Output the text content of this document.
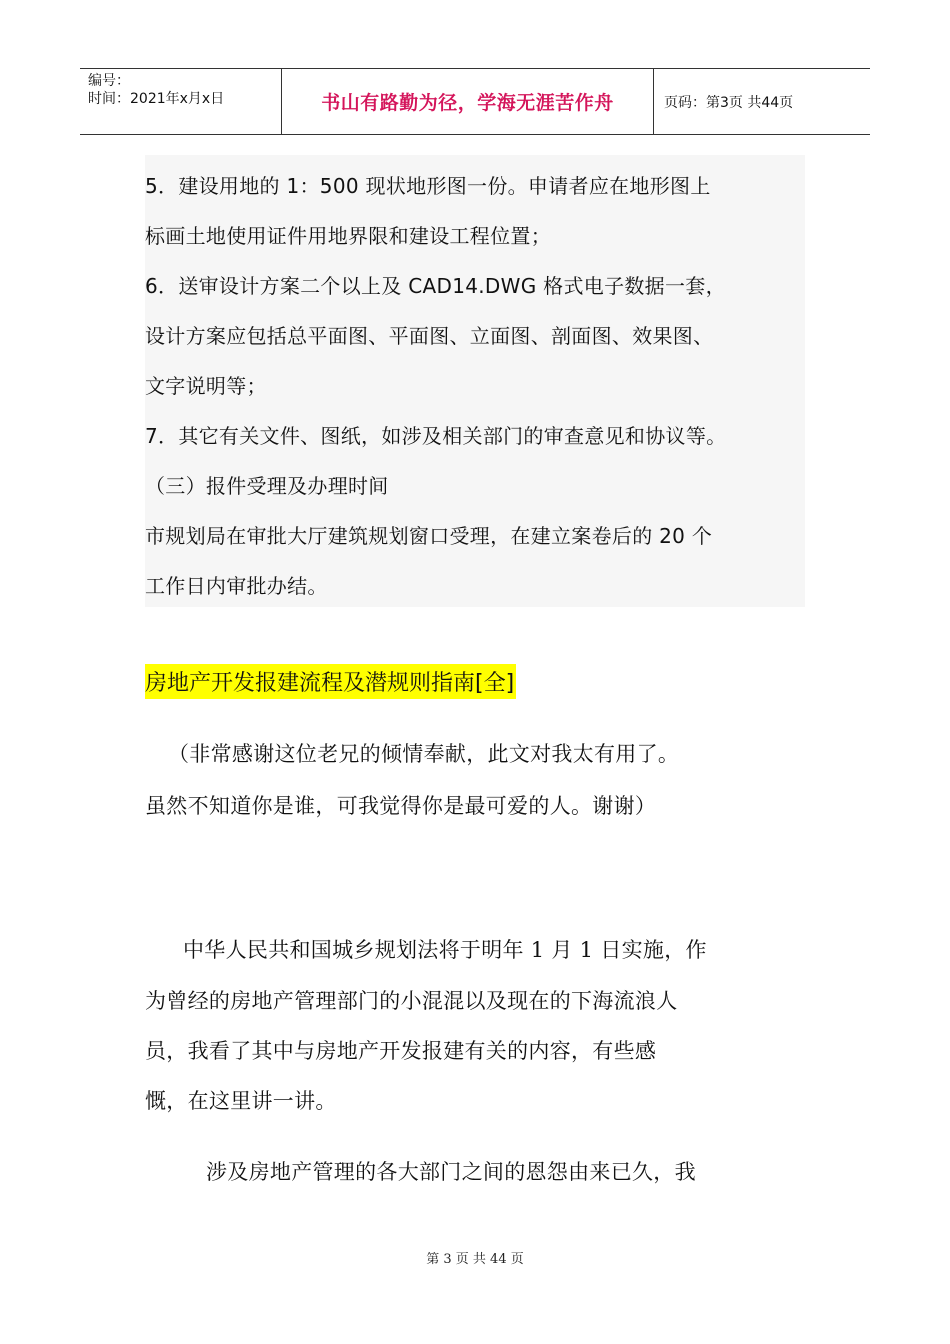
编号：
时间：2021年x月x日	书山有路勤为径，学海无涯苦作舟	页码：第3页 共44页
5．建设用地的 1：500 现状地形图一份。申请者应在地形图上
标画土地使用证件用地界限和建设工程位置；
6．送审设计方案二个以上及 CAD14.DWG 格式电子数据一套，
设计方案应包括总平面图、平面图、立面图、剖面图、效果图、
文字说明等；
7．其它有关文件、图纸，如涉及相关部门的审查意见和协议等。
（三）报件受理及办理时间
市规划局在审批大厅建筑规划窗口受理，在建立案卷后的 20 个
工作日内审批办结。
房地产开发报建流程及潜规则指南[全]
（非常感谢这位老兄的倾情奉献，此文对我太有用了。
虽然不知道你是谁，可我觉得你是最可爱的人。谢谢）
中华人民共和国城乡规划法将于明年 1 月 1 日实施，作
为曾经的房地产管理部门的小混混以及现在的下海流浪人
员，我看了其中与房地产开发报建有关的内容，有些感
慨，在这里讲一讲。
涉及房地产管理的各大部门之间的恩怨由来已久，我
第 3 页 共 44 页
